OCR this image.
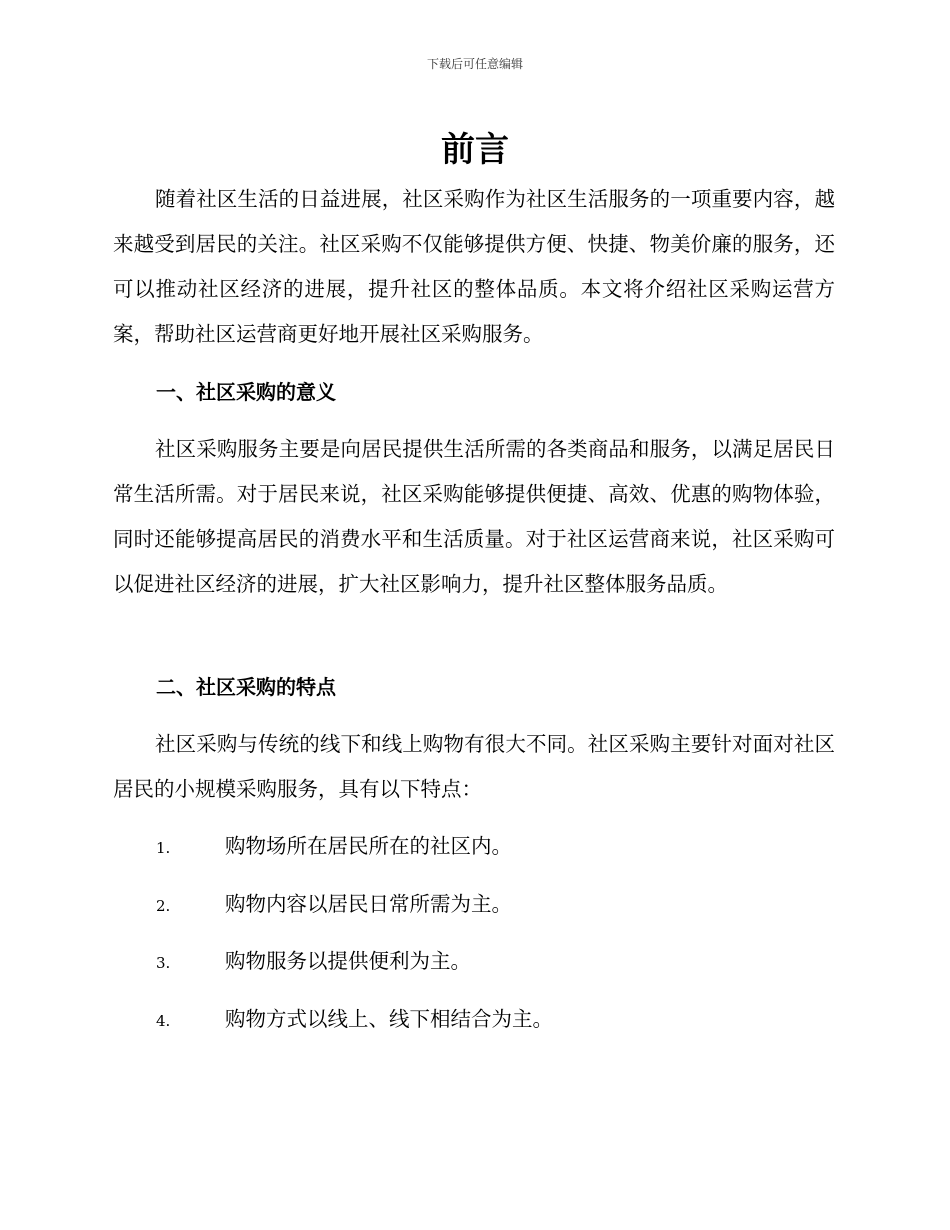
下载后可任意编辑
前言

随着社区生活的日益进展，社区采购作为社区生活服务的一项重要内容，越来越受到居民的关注。社区采购不仅能够提供方便、快捷、物美价廉的服务，还可以推动社区经济的进展，提升社区的整体品质。本文将介绍社区采购运营方案，帮助社区运营商更好地开展社区采购服务。

一、社区采购的意义

社区采购服务主要是向居民提供生活所需的各类商品和服务，以满足居民日常生活所需。对于居民来说，社区采购能够提供便捷、高效、优惠的购物体验，同时还能够提高居民的消费水平和生活质量。对于社区运营商来说，社区采购可以促进社区经济的进展，扩大社区影响力，提升社区整体服务品质。

二、社区采购的特点

社区采购与传统的线下和线上购物有很大不同。社区采购主要针对面对社区居民的小规模采购服务，具有以下特点：

1.	购物场所在居民所在的社区内。
2.	购物内容以居民日常所需为主。
3.	购物服务以提供便利为主。
4.	购物方式以线上、线下相结合为主。
